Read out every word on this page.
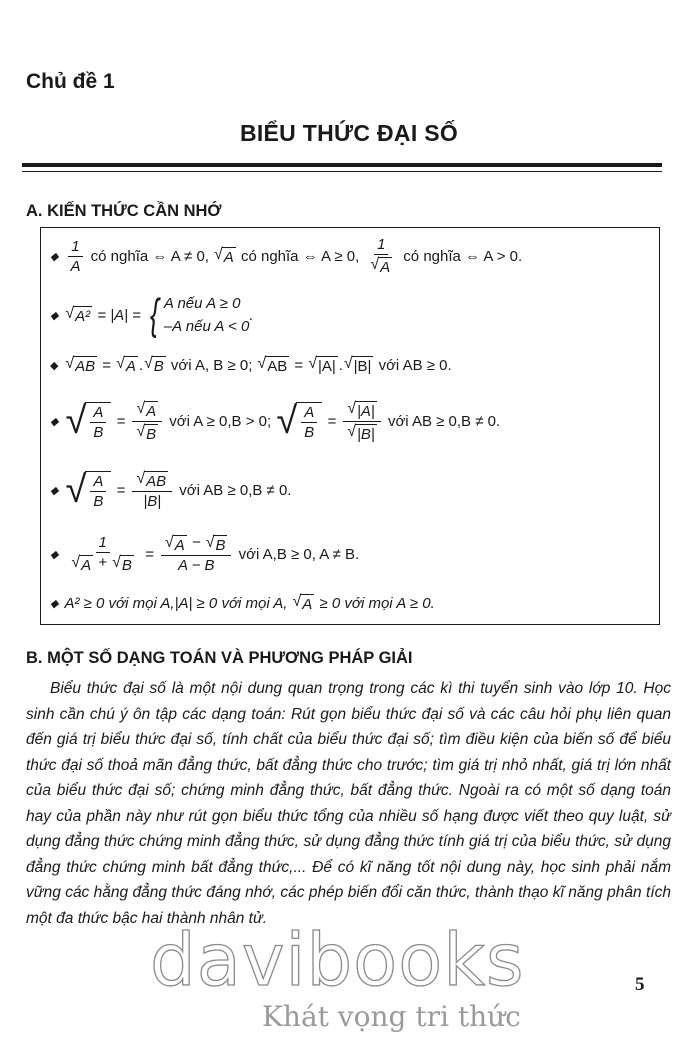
Chủ đề 1
BIỂU THỨC ĐẠI SỐ
A. KIẾN THỨC CẦN NHỚ
◆ $\frac{1}{A}$ có nghĩa ⇔ A ≠ 0, √ A có nghĩa ⇔ A ≥ 0, $\frac{1}{√ A}$ có nghĩa ⇔ A > 0.
◆ √ A² = |A| = { A nếu A ≥ 0
–A nếu A < 0
.
◆ √ AB = √ A . √ B với A, B ≥ 0; √ AB = √ |A| . √ |B| với AB ≥ 0.
◆ √ $\frac{A}{B} = \frac{√ A}{√ B}$ với A ≥ 0,B > 0; √ $\frac{A}{B} = \frac{√ |A|}{√ |B|}$ với AB ≥ 0,B ≠ 0.
◆ √ $\frac{A}{B} = \frac{√ AB}{|B|}$ với AB ≥ 0,B ≠ 0.
◆ $\frac{1}{√ A + √ B} = \frac{√ A - √ B}{A - B}$ với A,B ≥ 0, A ≠ B.
◆ A² ≥ 0 với mọi A,|A| ≥ 0 với mọi A, √ A ≥ 0 với mọi A ≥ 0.
B. MỘT SỐ DẠNG TOÁN VÀ PHƯƠNG PHÁP GIẢI
Biểu thức đại số là một nội dung quan trọng trong các kì thi tuyển sinh vào lớp 10. Học sinh cần chú ý ôn tập các dạng toán: Rút gọn biểu thức đại số và các câu hỏi phụ liên quan đến giá trị biểu thức đại số, tính chất của biểu thức đại số; tìm điều kiện của biến số để biểu thức đại số thoả mãn đẳng thức, bất đẳng thức cho trước; tìm giá trị nhỏ nhất, giá trị lớn nhất của biểu thức đại số; chứng minh đẳng thức, bất đẳng thức. Ngoài ra có một số dạng toán hay của phần này như rút gọn biểu thức tổng của nhiều số hạng được viết theo quy luật, sử dụng đẳng thức chứng minh đẳng thức, sử dụng đẳng thức tính giá trị của biểu thức, sử dụng đẳng thức chứng minh bất đẳng thức,... Để có kĩ năng tốt nội dung này, học sinh phải nắm vững các hằng đẳng thức đáng nhớ, các phép biến đổi căn thức, thành thạo kĩ năng phân tích một đa thức bậc hai thành nhân tử.
davibooks
Khát vọng tri thức
5
